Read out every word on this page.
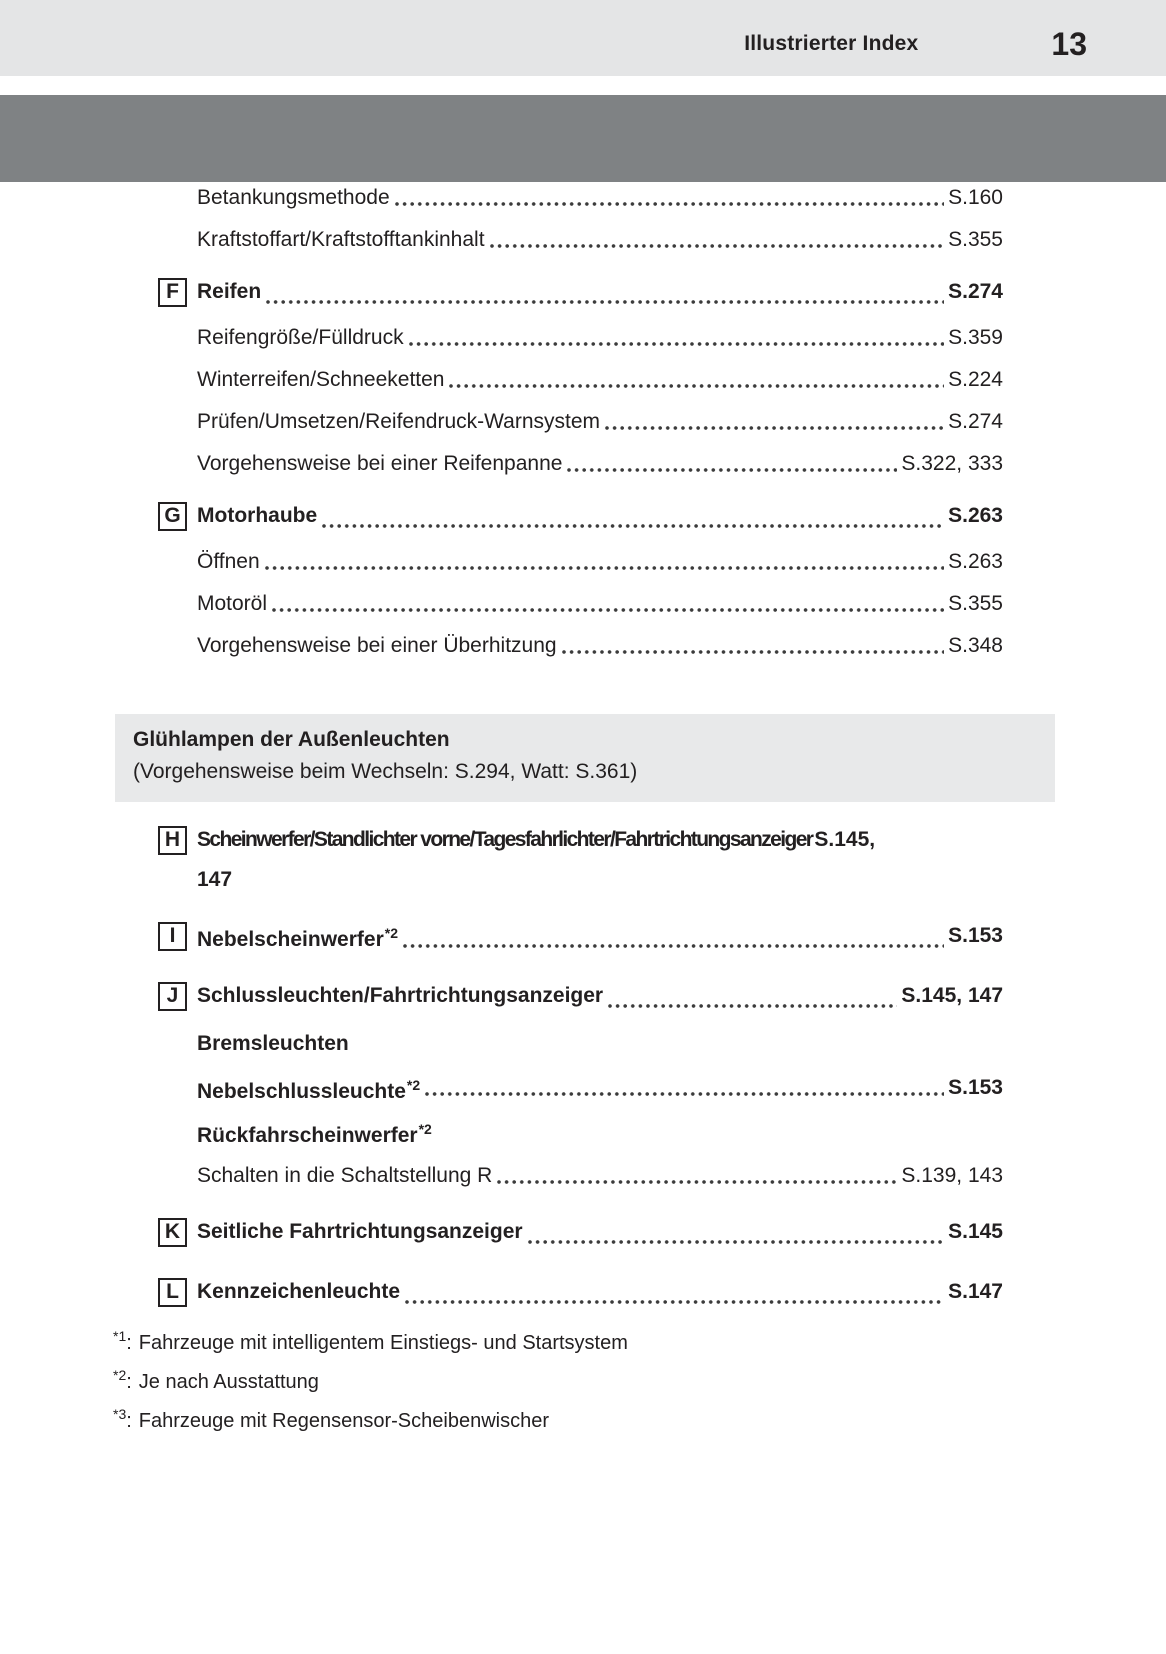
Illustrierter Index	13
Betankungsmethode	S.160
Kraftstoffart/Kraftstofftankinhalt	S.355
F Reifen	S.274
Reifengröße/Fülldruck	S.359
Winterreifen/Schneeketten	S.224
Prüfen/Umsetzen/Reifendruck-Warnsystem	S.274
Vorgehensweise bei einer Reifenpanne	S.322, 333
G Motorhaube	S.263
Öffnen	S.263
Motoröl	S.355
Vorgehensweise bei einer Überhitzung	S.348
Glühlampen der Außenleuchten
(Vorgehensweise beim Wechseln: S.294, Watt: S.361)
H Scheinwerfer/Standlichter vorne/Tagesfahrlichter/Fahrtrichtungsanzeiger S.145,
147
I	Nebelscheinwerfer$^{*2}$	S.153
J Schlussleuchten/Fahrtrichtungsanzeiger	S.145, 147
Bremsleuchten
Nebelschlussleuchte$^{*2}$	S.153
Rückfahrscheinwerfer$^{*2}$
Schalten in die Schaltstellung R	S.139, 143
K Seitliche Fahrtrichtungsanzeiger	S.145
L Kennzeichenleuchte	S.147
$^{*1}$: Fahrzeuge mit intelligentem Einstiegs- und Startsystem
$^{*2}$: Je nach Ausstattung
$^{*3}$: Fahrzeuge mit Regensensor-Scheibenwischer
